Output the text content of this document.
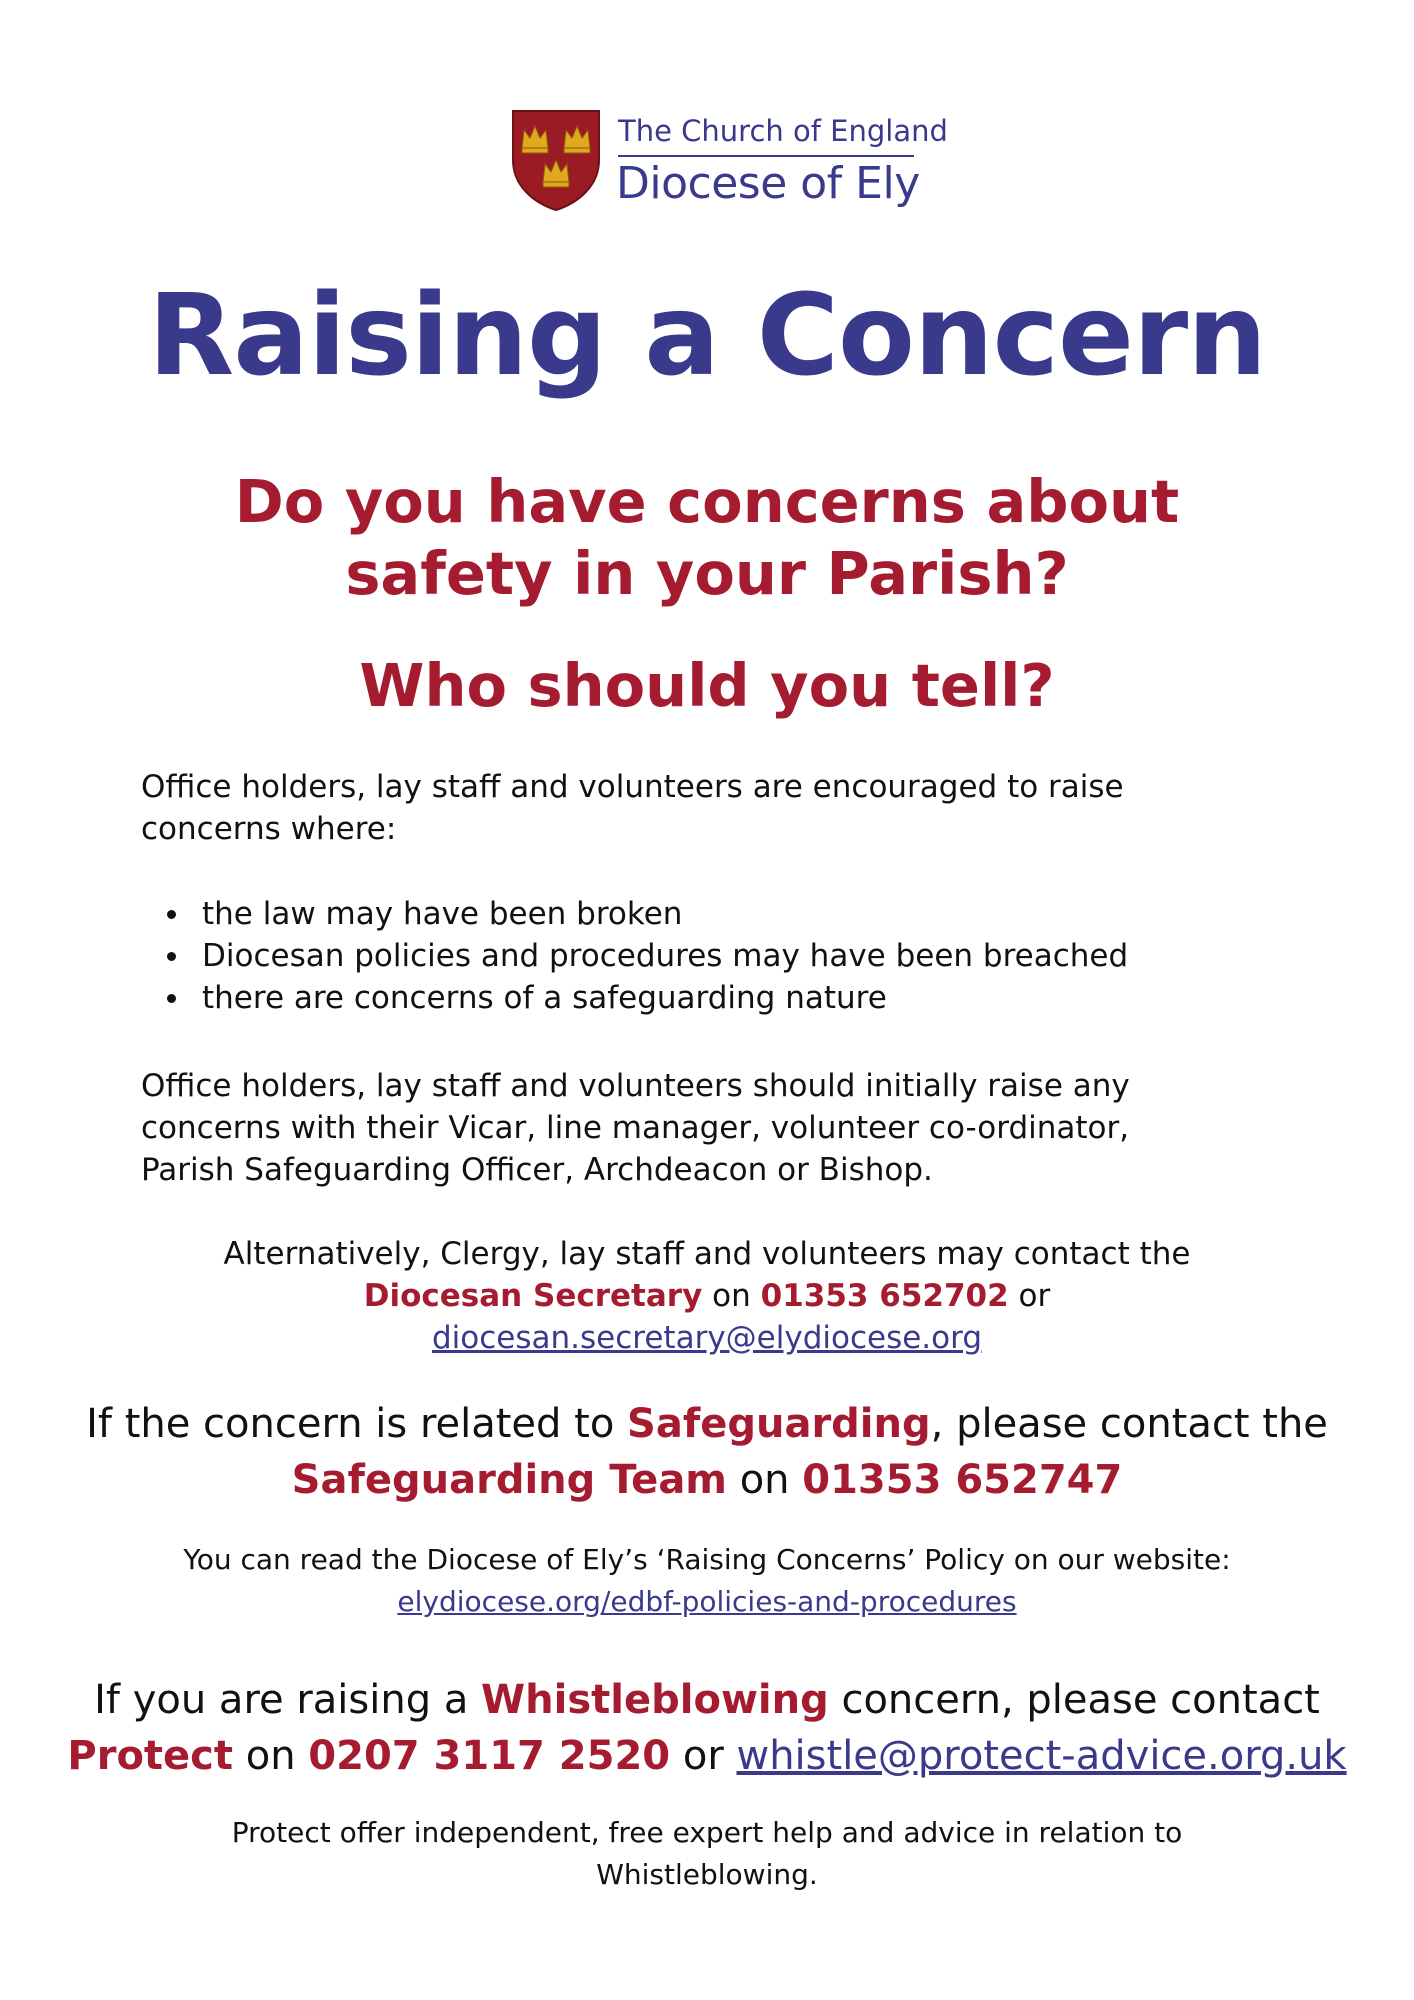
The Church of England
Diocese of Ely
Raising a Concern
Do you have concerns about
safety in your Parish?
Who should you tell?
Office holders, lay staff and volunteers are encouraged to raise
concerns where:
the law may have been broken
Diocesan policies and procedures may have been breached
there are concerns of a safeguarding nature
Office holders, lay staff and volunteers should initially raise any
concerns with their Vicar, line manager, volunteer co-ordinator,
Parish Safeguarding Officer, Archdeacon or Bishop.
Alternatively, Clergy, lay staff and volunteers may contact the
Diocesan Secretary on 01353 652702 or
diocesan.secretary@elydiocese.org
If the concern is related to Safeguarding, please contact the
Safeguarding Team on 01353 652747
You can read the Diocese of Ely’s ‘Raising Concerns’ Policy on our website:
elydiocese.org/edbf-policies-and-procedures
If you are raising a Whistleblowing concern, please contact
Protect on 0207 3117 2520 or whistle@protect-advice.org.uk
Protect offer independent, free expert help and advice in relation to
Whistleblowing.
